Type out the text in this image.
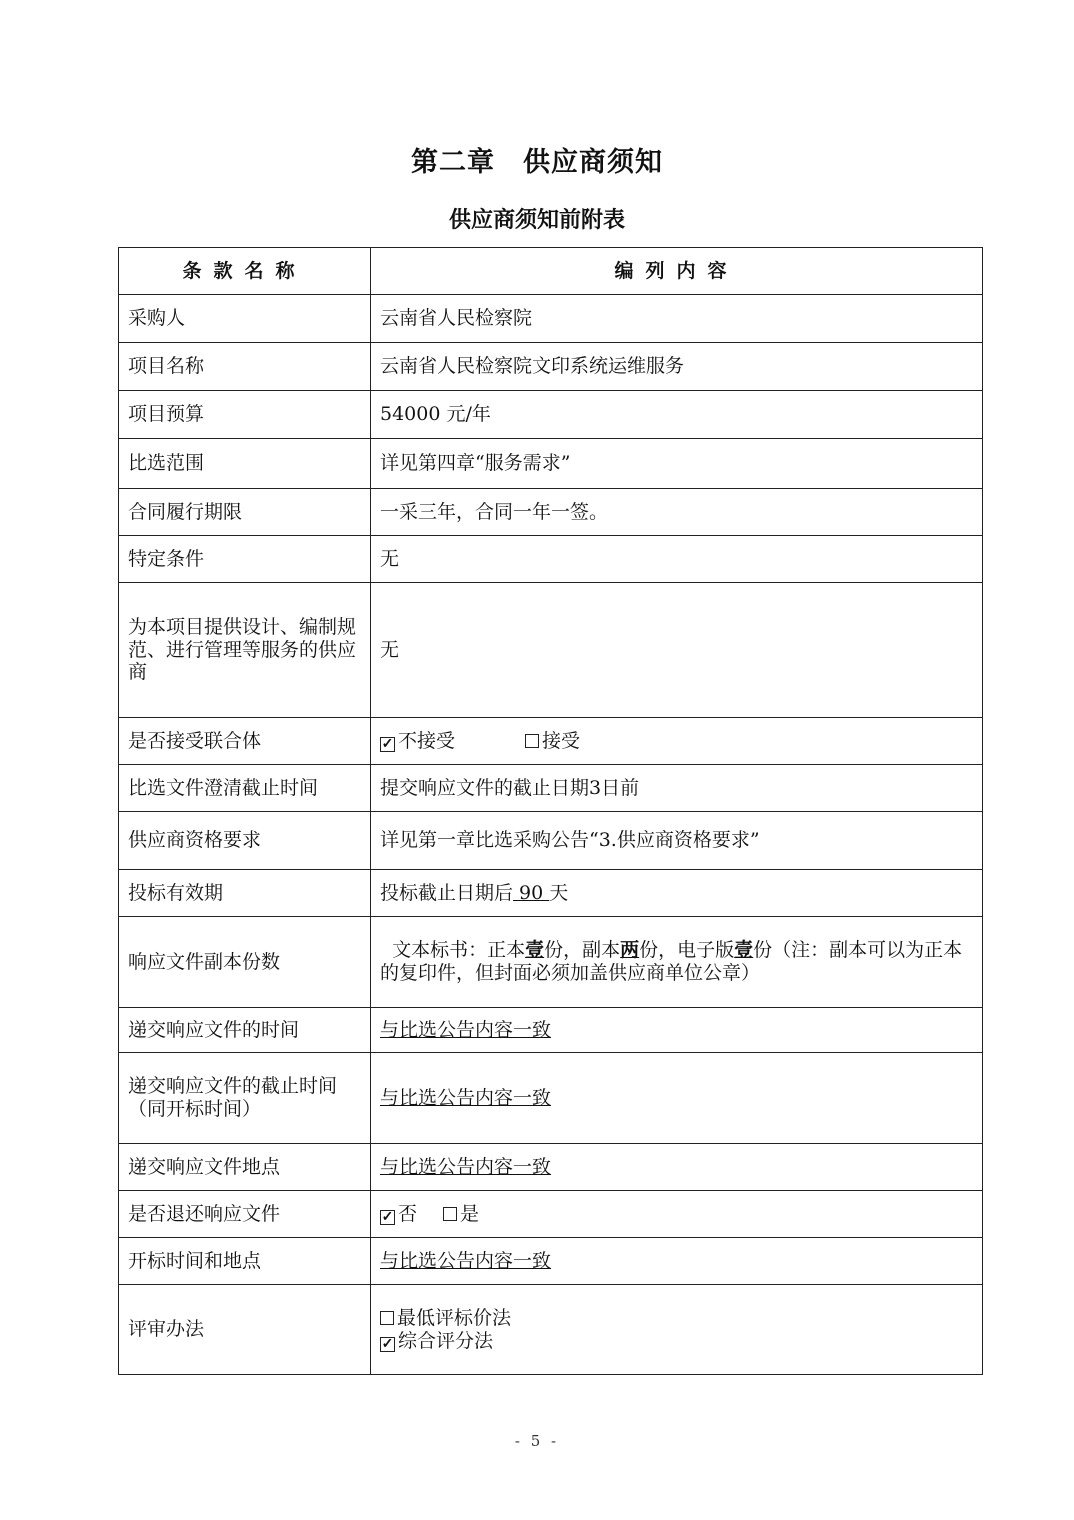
第二章　供应商须知
供应商须知前附表
条款名称	编列内容
采购人	云南省人民检察院
项目名称	云南省人民检察院文印系统运维服务
项目预算	54000 元/年
比选范围	详见第四章“服务需求”
合同履行期限	一采三年，合同一年一签。
特定条件	无
为本项目提供设计、编制规范、进行管理等服务的供应商	无
是否接受联合体	✓ 不接受 接受
比选文件澄清截止时间	提交响应文件的截止日期3日前
供应商资格要求	详见第一章比选采购公告“3.供应商资格要求”
投标有效期	投标截止日期后 90 天
响应文件副本份数	文本标书：正本壹份，副本两份，电子版壹份（注：副本可以为正本的复印件，但封面必须加盖供应商单位公章）
递交响应文件的时间	与比选公告内容一致
递交响应文件的截止时间（同开标时间）	与比选公告内容一致
递交响应文件地点	与比选公告内容一致
是否退还响应文件	✓ 否 是
开标时间和地点	与比选公告内容一致
评审办法	最低评标价法
✓ 综合评分法
- 5 -
